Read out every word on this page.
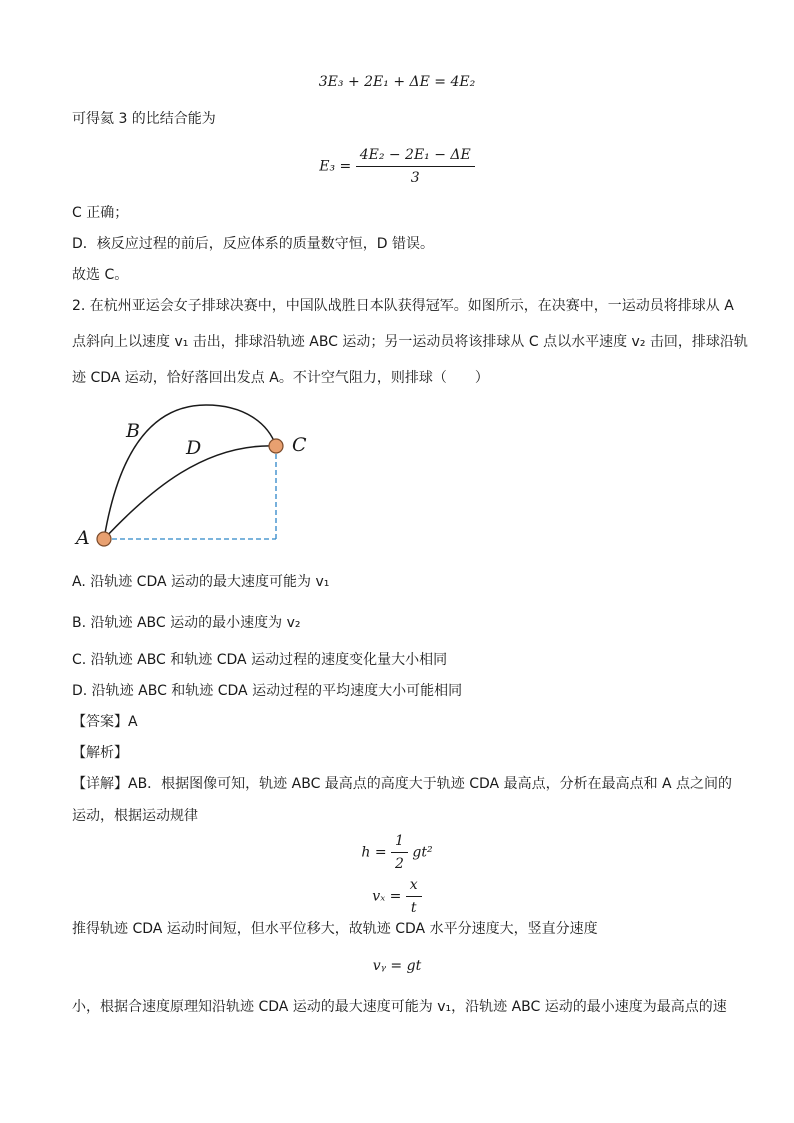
3E₃ + 2E₁ + ΔE = 4E₂
可得氦 3 的比结合能为
$E_3 = \frac{\text{4E₂ − 2E₁ − ΔE}}{3}$
C 正确；
D．核反应过程的前后，反应体系的质量数守恒，D 错误。
故选 C。
2. 在杭州亚运会女子排球决赛中，中国队战胜日本队获得冠军。如图所示，在决赛中，一运动员将排球从 A
点斜向上以速度 v₁ 击出，排球沿轨迹 ABC 运动；另一运动员将该排球从 C 点以水平速度 v₂ 击回，排球沿轨
迹 CDA 运动，恰好落回出发点 A。不计空气阻力，则排球（　　）
A
B
C
D
A. 沿轨迹 CDA 运动的最大速度可能为 v₁
B. 沿轨迹 ABC 运动的最小速度为 v₂
C. 沿轨迹 ABC 和轨迹 CDA 运动过程的速度变化量大小相同
D. 沿轨迹 ABC 和轨迹 CDA 运动过程的平均速度大小可能相同
【答案】A
【解析】
【详解】AB．根据图像可知，轨迹 ABC 最高点的高度大于轨迹 CDA 最高点，分析在最高点和 A 点之间的
运动，根据运动规律
$h = \frac{1}{2} gt^2$
$v_x = \frac{x}{t}$
推得轨迹 CDA 运动时间短，但水平位移大，故轨迹 CDA 水平分速度大，竖直分速度
vᵧ = gt
小，根据合速度原理知沿轨迹 CDA 运动的最大速度可能为 v₁，沿轨迹 ABC 运动的最小速度为最高点的速
